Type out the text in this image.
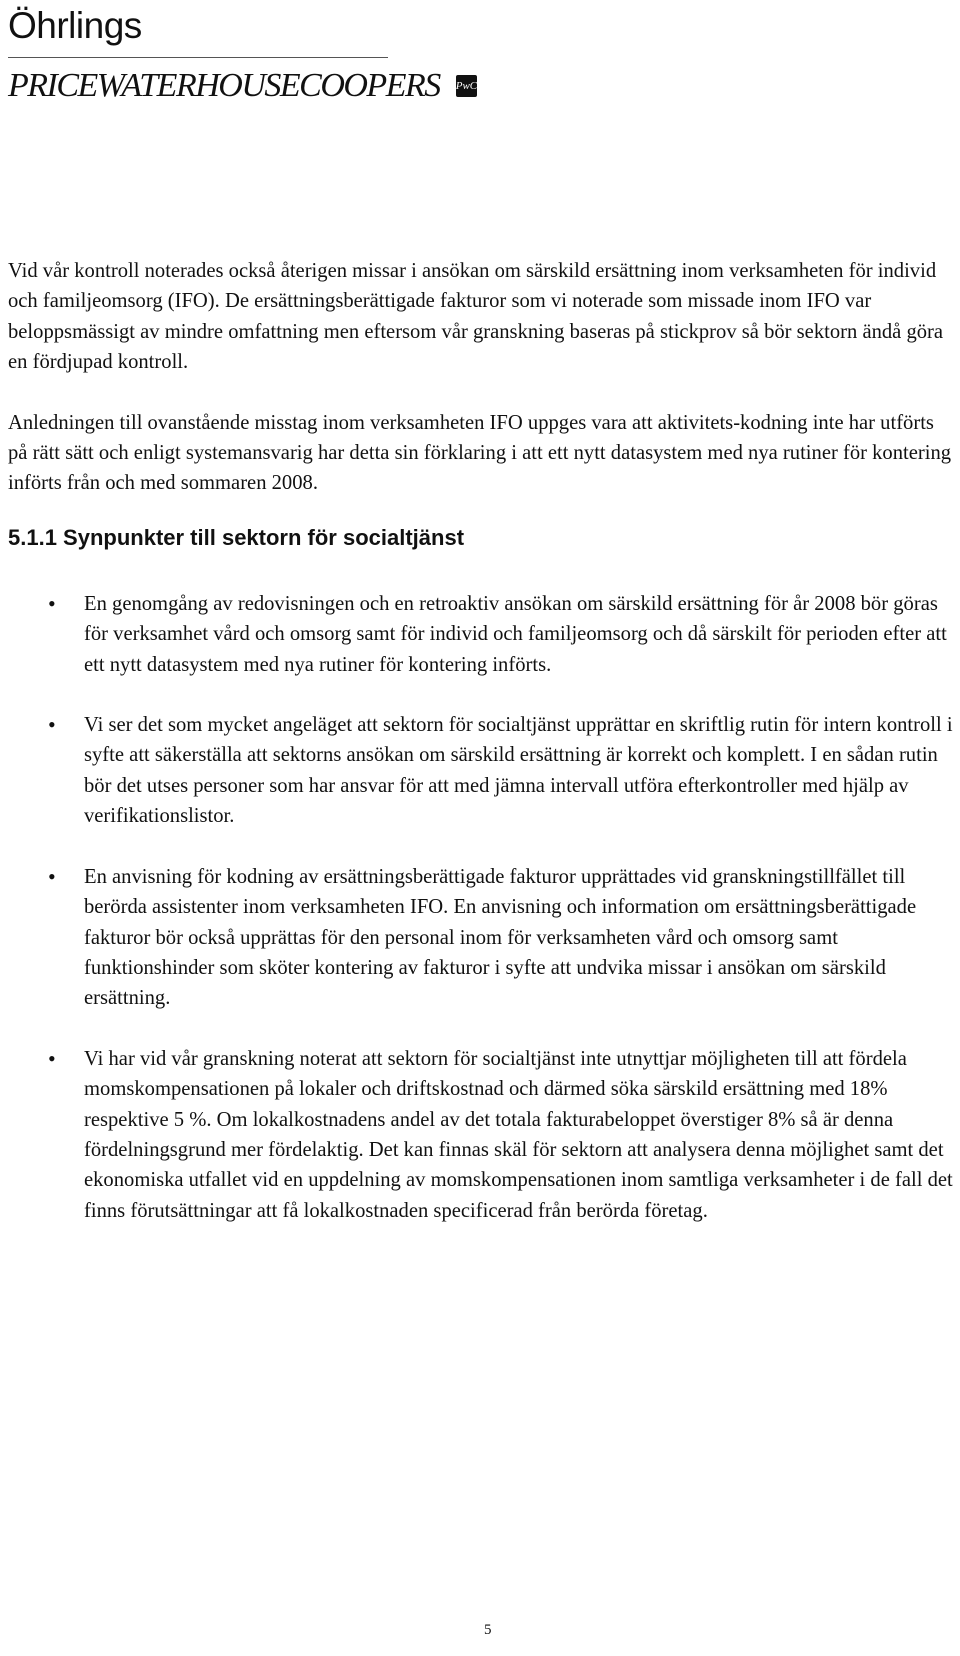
Öhrlings
PRICEWATERHOUSECOOPERS PwC

Vid vår kontroll noterades också återigen missar i ansökan om särskild ersättning inom verksamheten för individ och familjeomsorg (IFO). De ersättningsberättigade fakturor som vi noterade som missade inom IFO var beloppsmässigt av mindre omfattning men eftersom vår granskning baseras på stickprov så bör sektorn ändå göra en fördjupad kontroll.

Anledningen till ovanstående misstag inom verksamheten IFO uppges vara att aktivitets-kodning inte har utförts på rätt sätt och enligt systemansvarig har detta sin förklaring i att ett nytt datasystem med nya rutiner för kontering införts från och med sommaren 2008.

5.1.1 Synpunkter till sektorn för socialtjänst
• En genomgång av redovisningen och en retroaktiv ansökan om särskild ersättning för år 2008 bör göras för verksamhet vård och omsorg samt för individ och familjeomsorg och då särskilt för perioden efter att ett nytt datasystem med nya rutiner för kontering införts.
• Vi ser det som mycket angeläget att sektorn för socialtjänst upprättar en skriftlig rutin för intern kontroll i syfte att säkerställa att sektorns ansökan om särskild ersättning är korrekt och komplett. I en sådan rutin bör det utses personer som har ansvar för att med jämna intervall utföra efterkontroller med hjälp av verifikationslistor.
• En anvisning för kodning av ersättningsberättigade fakturor upprättades vid granskningstillfället till berörda assistenter inom verksamheten IFO. En anvisning och information om ersättningsberättigade fakturor bör också upprättas för den personal inom för verksamheten vård och omsorg samt funktionshinder som sköter kontering av fakturor i syfte att undvika missar i ansökan om särskild ersättning.
• Vi har vid vår granskning noterat att sektorn för socialtjänst inte utnyttjar möjligheten till att fördela momskompensationen på lokaler och driftskostnad och därmed söka särskild ersättning med 18% respektive 5 %. Om lokalkostnadens andel av det totala fakturabeloppet överstiger 8% så är denna fördelningsgrund mer fördelaktig. Det kan finnas skäl för sektorn att analysera denna möjlighet samt det ekonomiska utfallet vid en uppdelning av momskompensationen inom samtliga verksamheter i de fall det finns förutsättningar att få lokalkostnaden specificerad från berörda företag.
5
